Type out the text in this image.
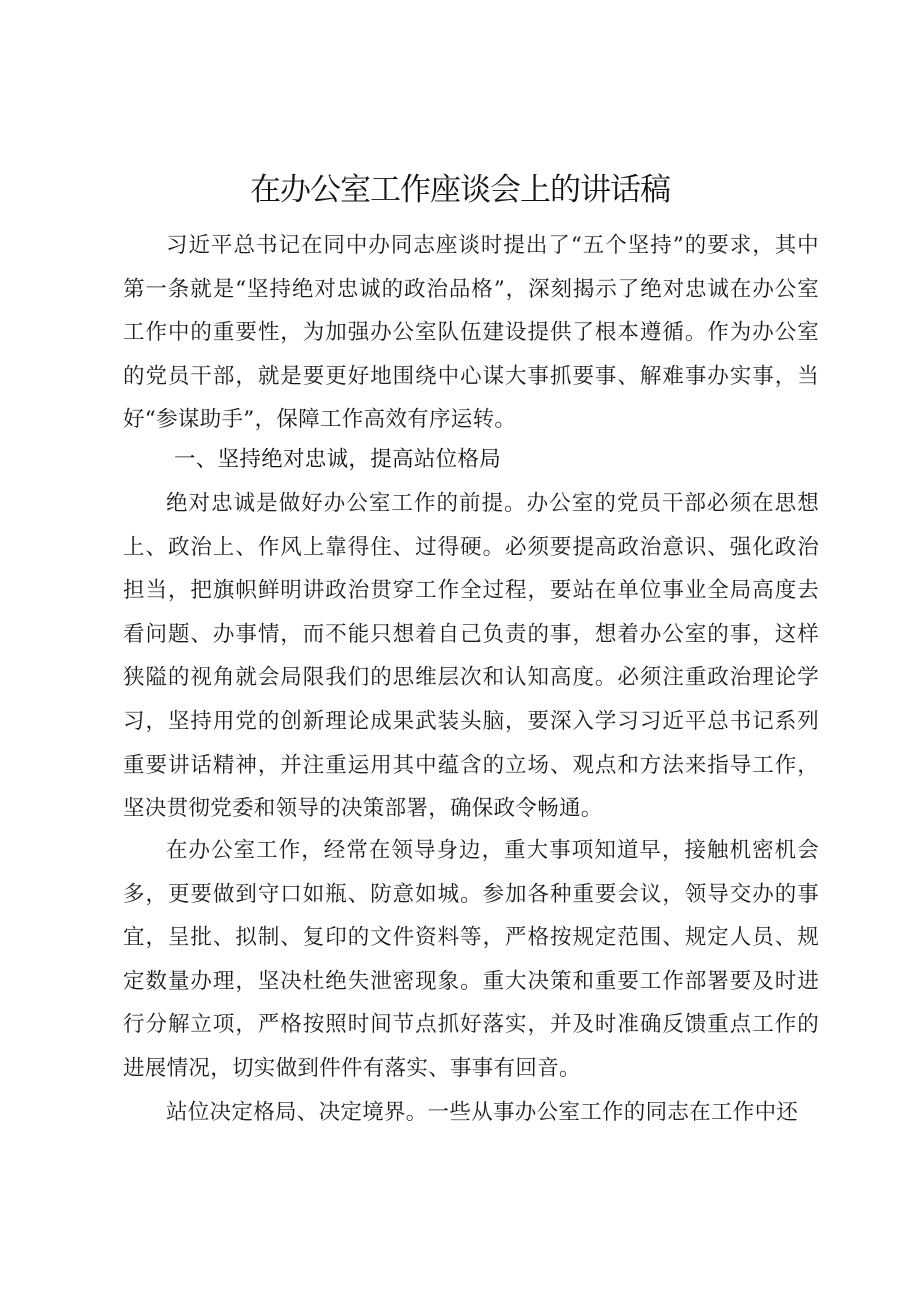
在办公室工作座谈会上的讲话稿
习近平总书记在同中办同志座谈时提出了“五个坚持”的要求，其中第一条就是“坚持绝对忠诚的政治品格”，深刻揭示了绝对忠诚在办公室工作中的重要性，为加强办公室队伍建设提供了根本遵循。作为办公室的党员干部，就是要更好地围绕中心谋大事抓要事、解难事办实事，当好“参谋助手”，保障工作高效有序运转。
一、坚持绝对忠诚，提高站位格局
绝对忠诚是做好办公室工作的前提。办公室的党员干部必须在思想上、政治上、作风上靠得住、过得硬。必须要提高政治意识、强化政治担当，把旗帜鲜明讲政治贯穿工作全过程，要站在单位事业全局高度去看问题、办事情，而不能只想着自己负责的事，想着办公室的事，这样狭隘的视角就会局限我们的思维层次和认知高度。必须注重政治理论学习，坚持用党的创新理论成果武装头脑，要深入学习习近平总书记系列重要讲话精神，并注重运用其中蕴含的立场、观点和方法来指导工作，坚决贯彻党委和领导的决策部署，确保政令畅通。
在办公室工作，经常在领导身边，重大事项知道早，接触机密机会多，更要做到守口如瓶、防意如城。参加各种重要会议，领导交办的事宜，呈批、拟制、复印的文件资料等，严格按规定范围、规定人员、规定数量办理，坚决杜绝失泄密现象。重大决策和重要工作部署要及时进行分解立项，严格按照时间节点抓好落实，并及时准确反馈重点工作的进展情况，切实做到件件有落实、事事有回音。
站位决定格局、决定境界。一些从事办公室工作的同志在工作中还
